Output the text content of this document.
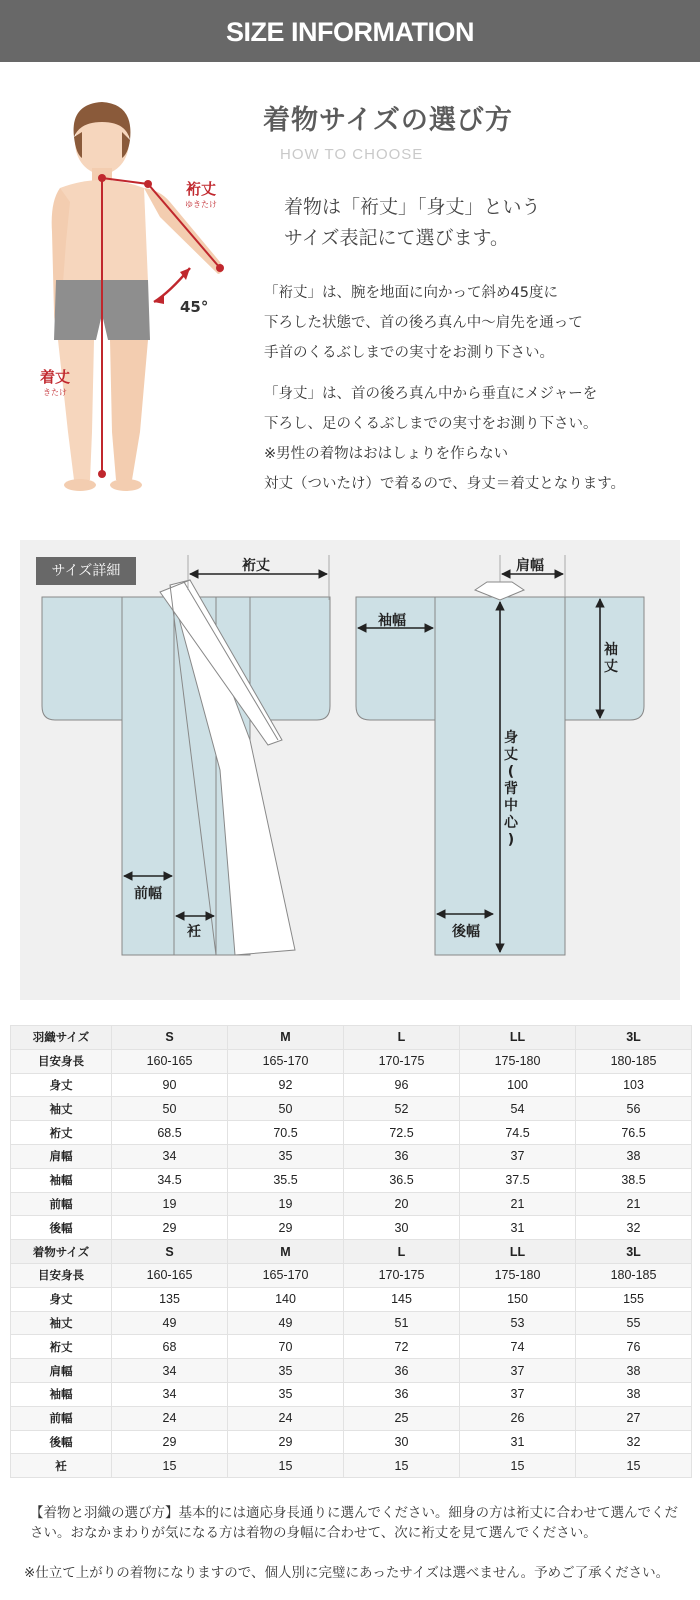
SIZE INFORMATION
裄丈
ゆきたけ
着丈
きたけ
45°
着物サイズの選び方
HOW TO CHOOSE
着物は「裄丈」「身丈」という
サイズ表記にて選びます。
「裄丈」は、腕を地面に向かって斜め45度に
下ろした状態で、首の後ろ真ん中～肩先を通って
手首のくるぶしまでの実寸をお測り下さい。
「身丈」は、首の後ろ真ん中から垂直にメジャーを
下ろし、足のくるぶしまでの実寸をお測り下さい。
※男性の着物はおはしょりを作らない
対丈（ついたけ）で着るので、身丈＝着丈となります。
サイズ詳細	裄丈	肩幅
袖幅
袖丈
身
丈
(
背
中
心
)
前幅
衽	後幅
羽織サイズ	S	M	L	LL	3L
目安身長	160-165	165-170	170-175	175-180	180-185
身丈	90	92	96	100	103
袖丈	50	50	52	54	56
裄丈	68.5	70.5	72.5	74.5	76.5
肩幅	34	35	36	37	38
袖幅	34.5	35.5	36.5	37.5	38.5
前幅	19	19	20	21	21
後幅	29	29	30	31	32
着物サイズ	S	M	L	LL	3L
目安身長	160-165	165-170	170-175	175-180	180-185
身丈	135	140	145	150	155
袖丈	49	49	51	53	55
裄丈	68	70	72	74	76
肩幅	34	35	36	37	38
袖幅	34	35	36	37	38
前幅	24	24	25	26	27
後幅	29	29	30	31	32
衽	15	15	15	15	15
【着物と羽織の選び方】基本的には適応身長通りに選んでください。細身の方は裄丈に合わせて選んでください。おなかまわりが気になる方は着物の身幅に合わせて、次に裄丈を見て選んでください。
※仕立て上がりの着物になりますので、個人別に完璧にあったサイズは選べません。予めご了承ください。
